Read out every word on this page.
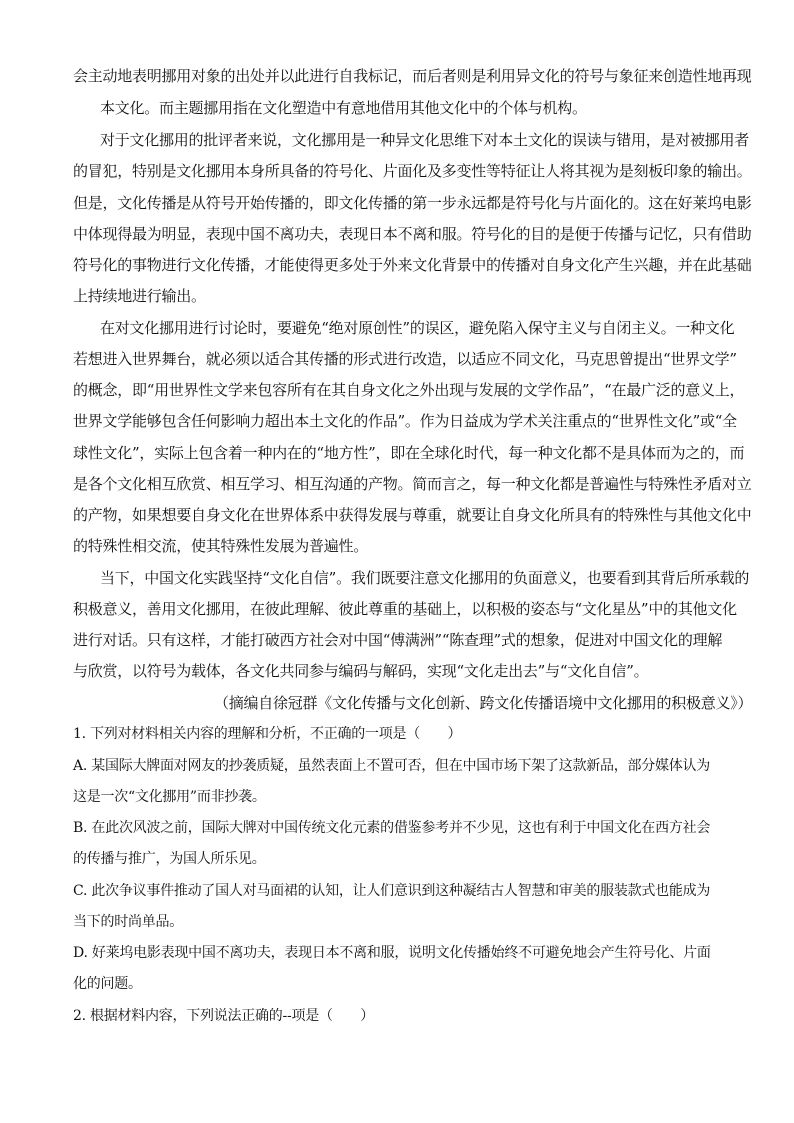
会主动地表明挪用对象的出处并以此进行自我标记，而后者则是利用异文化的符号与象征来创造性地再现
本文化。而主题挪用指在文化塑造中有意地借用其他文化中的个体与机构。
对于文化挪用的批评者来说，文化挪用是一种异文化思维下对本土文化的误读与错用，是对被挪用者
的冒犯，特别是文化挪用本身所具备的符号化、片面化及多变性等特征让人将其视为是刻板印象的输出。
但是，文化传播是从符号开始传播的，即文化传播的第一步永远都是符号化与片面化的。这在好莱坞电影
中体现得最为明显，表现中国不离功夫，表现日本不离和服。符号化的目的是便于传播与记忆，只有借助
符号化的事物进行文化传播，才能使得更多处于外来文化背景中的传播对自身文化产生兴趣，并在此基础
上持续地进行输出。
在对文化挪用进行讨论时，要避免“绝对原创性”的误区，避免陷入保守主义与自闭主义。一种文化
若想进入世界舞台，就必须以适合其传播的形式进行改造，以适应不同文化，马克思曾提出“世界文学”
的概念，即“用世界性文学来包容所有在其自身文化之外出现与发展的文学作品”，“在最广泛的意义上，
世界文学能够包含任何影响力超出本土文化的作品”。作为日益成为学术关注重点的“世界性文化”或“全
球性文化”，实际上包含着一种内在的“地方性”，即在全球化时代，每一种文化都不是具体而为之的，而
是各个文化相互欣赏、相互学习、相互沟通的产物。简而言之，每一种文化都是普遍性与特殊性矛盾对立
的产物，如果想要自身文化在世界体系中获得发展与尊重，就要让自身文化所具有的特殊性与其他文化中
的特殊性相交流，使其特殊性发展为普遍性。
当下，中国文化实践坚持“文化自信”。我们既要注意文化挪用的负面意义，也要看到其背后所承载的
积极意义，善用文化挪用，在彼此理解、彼此尊重的基础上，以积极的姿态与“文化星丛”中的其他文化
进行对话。只有这样，才能打破西方社会对中国“傅满洲”“陈查理”式的想象，促进对中国文化的理解
与欣赏，以符号为载体，各文化共同参与编码与解码，实现“文化走出去”与“文化自信”。
（摘编自徐冠群《文化传播与文化创新、跨文化传播语境中文化挪用的积极意义》）
1. 下列对材料相关内容的理解和分析，不正确的一项是（　　）
A. 某国际大牌面对网友的抄袭质疑，虽然表面上不置可否，但在中国市场下架了这款新品，部分媒体认为
这是一次“文化挪用”而非抄袭。
B. 在此次风波之前，国际大牌对中国传统文化元素的借鉴参考并不少见，这也有利于中国文化在西方社会
的传播与推广，为国人所乐见。
C. 此次争议事件推动了国人对马面裙的认知，让人们意识到这种凝结古人智慧和审美的服装款式也能成为
当下的时尚单品。
D. 好莱坞电影表现中国不离功夫，表现日本不离和服，说明文化传播始终不可避免地会产生符号化、片面
化的问题。
2. 根据材料内容，下列说法正确的--项是（　　）
